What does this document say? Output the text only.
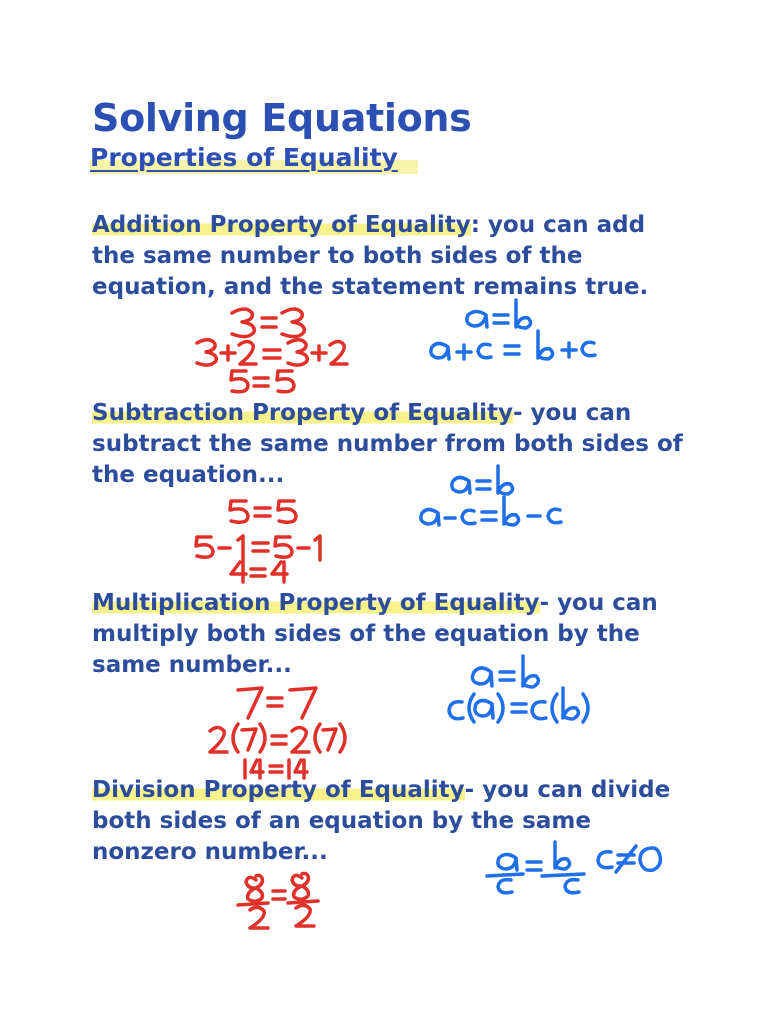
Solving Equations
Properties of Equality

Addition Property of Equality: you can add the same number to both sides of the equation, and the statement remains true.

Subtraction Property of Equality- you can subtract the same number from both sides of the equation...

Multiplication Property of Equality- you can multiply both sides of the equation by the same number...

Division Property of Equality- you can divide both sides of an equation by the same nonzero number...
